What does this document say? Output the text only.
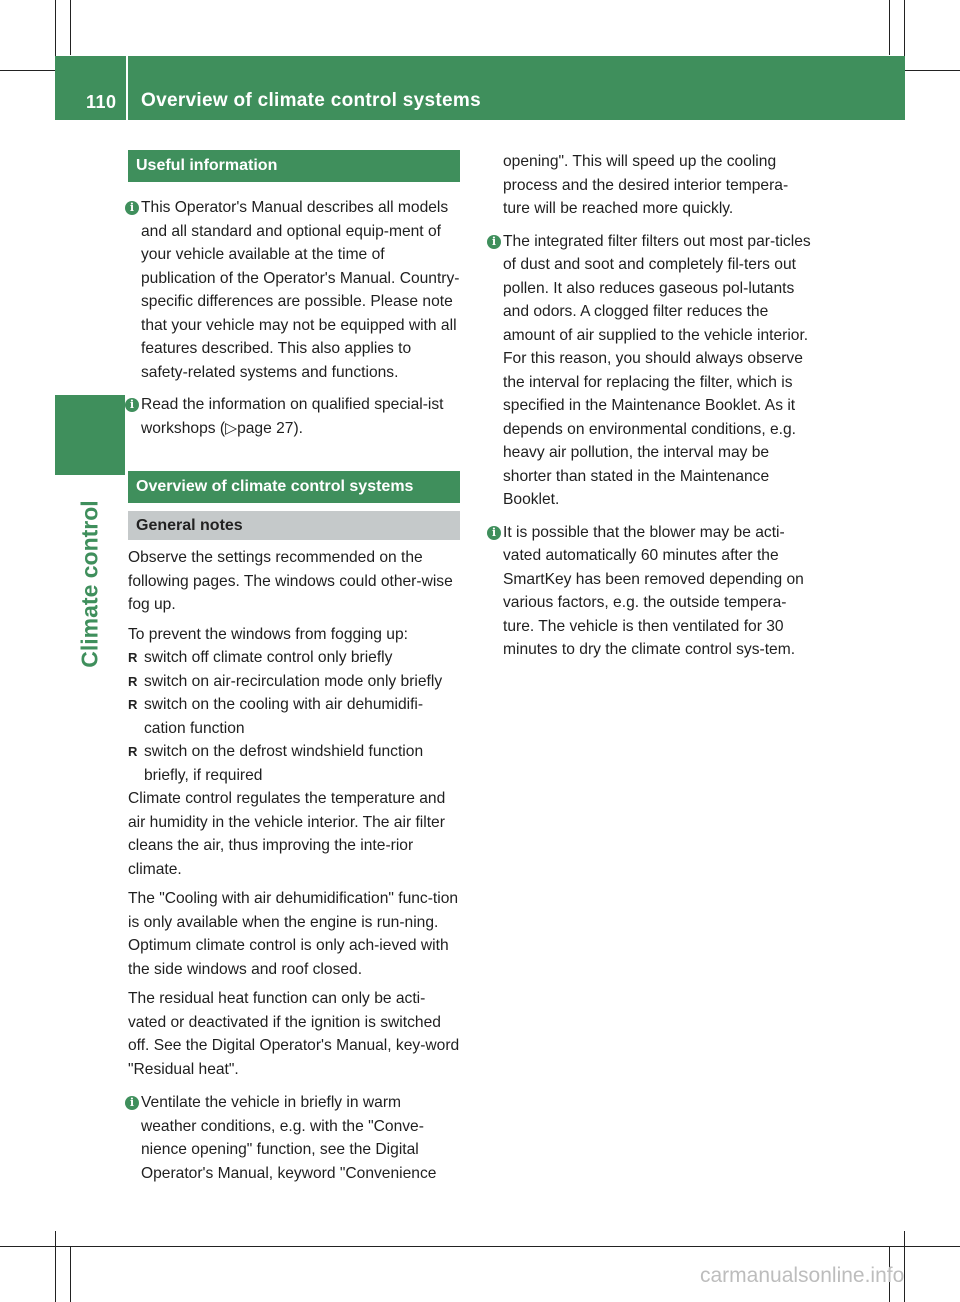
110 Overview of climate control systems
Climate control
Useful information
i This Operator's Manual describes all models and all standard and optional equip-ment of your vehicle available at the time of publication of the Operator's Manual. Country-specific differences are possible. Please note that your vehicle may not be equipped with all features described. This also applies to safety-related systems and functions.

i Read the information on qualified special-ist workshops (▷page 27).

Overview of climate control systems
General notes

Observe the settings recommended on the following pages. The windows could other-wise fog up.

To prevent the windows from fogging up:

R switch off climate control only briefly
R switch on air-recirculation mode only briefly
R switch on the cooling with air dehumidifi-cation function
R switch on the defrost windshield function briefly, if required

Climate control regulates the temperature and air humidity in the vehicle interior. The air filter cleans the air, thus improving the inte-rior climate.

The "Cooling with air dehumidification" func-tion is only available when the engine is run-ning. Optimum climate control is only ach-ieved with the side windows and roof closed.

The residual heat function can only be acti-vated or deactivated if the ignition is switched off. See the Digital Operator's Manual, key-word "Residual heat".

i Ventilate the vehicle in briefly in warm weather conditions, e.g. with the "Conve-nience opening" function, see the Digital Operator's Manual, keyword "Convenience

opening". This will speed up the cooling process and the desired interior tempera-ture will be reached more quickly.

i The integrated filter filters out most par-ticles of dust and soot and completely fil-ters out pollen. It also reduces gaseous pol-lutants and odors. A clogged filter reduces the amount of air supplied to the vehicle interior. For this reason, you should always observe the interval for replacing the filter, which is specified in the Maintenance Booklet. As it depends on environmental conditions, e.g. heavy air pollution, the interval may be shorter than stated in the Maintenance Booklet.

i It is possible that the blower may be acti-vated automatically 60 minutes after the SmartKey has been removed depending on various factors, e.g. the outside tempera-ture. The vehicle is then ventilated for 30 minutes to dry the climate control sys-tem.

carmanualsonline.info
